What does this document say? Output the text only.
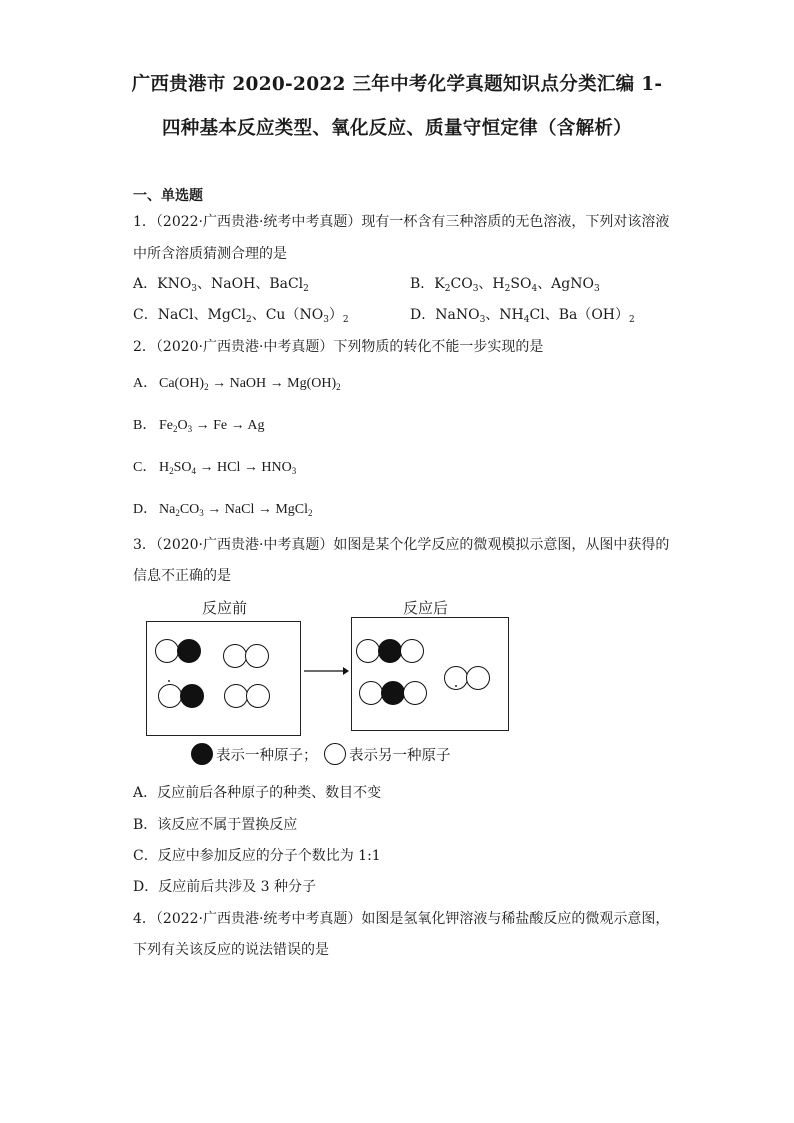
广西贵港市 2020-2022 三年中考化学真题知识点分类汇编 1-
四种基本反应类型、氧化反应、质量守恒定律（含解析）
一、单选题
1．（2022·广西贵港·统考中考真题）现有一杯含有三种溶质的无色溶液，下列对该溶液
中所含溶质猜测合理的是
A．$KNO_3$、NaOH、BaCl$_2$	B．$K_2CO_3$、$H_2SO_4$、AgNO$_3$
C．NaCl、MgCl$_2$、$Cu(NO_3)_2$	D．NaNO$_3$、$NH_4Cl$、$Ba(OH)_2$
2．（2020·广西贵港·中考真题）下列物质的转化不能一步实现的是
A． $Ca(OH)_2$ → NaOH → $Mg(OH)_2$
B． $Fe_2O_3 \to Fe \to Ag$
C． $H_2SO_4$ → HCl → $HNO_3$
D． $Na_2CO_3$ → NaCl → MgCl$_2$
3．（2020·广西贵港·中考真题）如图是某个化学反应的微观模拟示意图，从图中获得的
信息不正确的是
反应前	反应后
表示一种原子； 表示另一种原子
A．反应前后各种原子的种类、数目不变
B．该反应不属于置换反应
C．反应中参加反应的分子个数比为 1:1
D．反应前后共涉及 3 种分子
4．（2022·广西贵港·统考中考真题）如图是氢氧化钾溶液与稀盐酸反应的微观示意图，
下列有关该反应的说法错误的是
